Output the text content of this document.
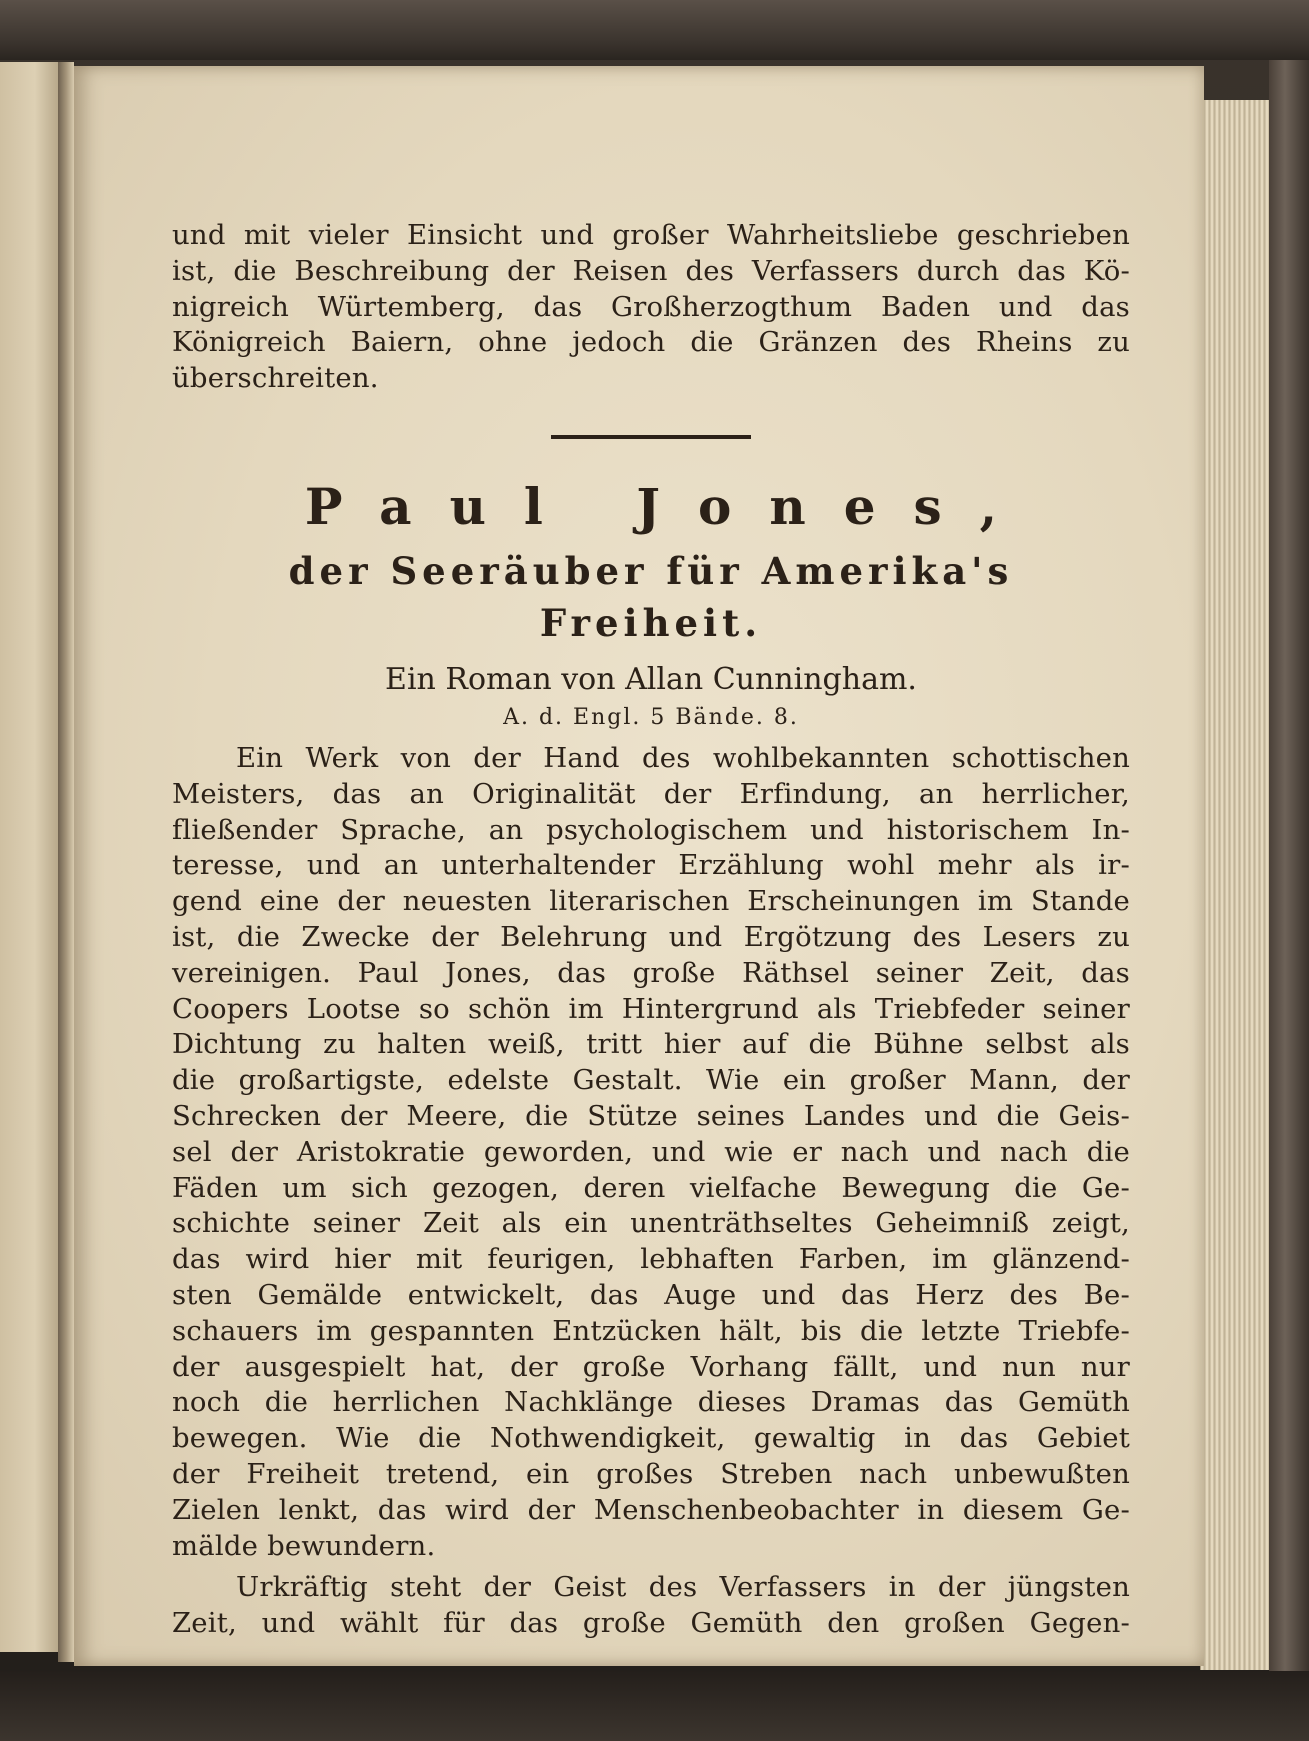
und mit vieler Einsicht und großer Wahrheitsliebe geschrieben
ist, die Beschreibung der Reisen des Verfassers durch das Kö-
nigreich Würtemberg, das Großherzogthum Baden und das
Königreich Baiern, ohne jedoch die Gränzen des Rheins zu
überschreiten.

Paul Jones,
der Seeräuber für Amerika's Freiheit.
Ein Roman von Allan Cunningham.
A. d. Engl. 5 Bände. 8.

Ein Werk von der Hand des wohlbekannten schottischen
Meisters, das an Originalität der Erfindung, an herrlicher,
fließender Sprache, an psychologischem und historischem In-
teresse, und an unterhaltender Erzählung wohl mehr als ir-
gend eine der neuesten literarischen Erscheinungen im Stande
ist, die Zwecke der Belehrung und Ergötzung des Lesers zu
vereinigen. Paul Jones, das große Räthsel seiner Zeit, das
Coopers Lootse so schön im Hintergrund als Triebfeder seiner
Dichtung zu halten weiß, tritt hier auf die Bühne selbst als
die großartigste, edelste Gestalt. Wie ein großer Mann, der
Schrecken der Meere, die Stütze seines Landes und die Geis-
sel der Aristokratie geworden, und wie er nach und nach die
Fäden um sich gezogen, deren vielfache Bewegung die Ge-
schichte seiner Zeit als ein unenträthseltes Geheimniß zeigt,
das wird hier mit feurigen, lebhaften Farben, im glänzend-
sten Gemälde entwickelt, das Auge und das Herz des Be-
schauers im gespannten Entzücken hält, bis die letzte Triebfe-
der ausgespielt hat, der große Vorhang fällt, und nun nur
noch die herrlichen Nachklänge dieses Dramas das Gemüth
bewegen. Wie die Nothwendigkeit, gewaltig in das Gebiet
der Freiheit tretend, ein großes Streben nach unbewußten
Zielen lenkt, das wird der Menschenbeobachter in diesem Ge-
mälde bewundern.

Urkräftig steht der Geist des Verfassers in der jüngsten
Zeit, und wählt für das große Gemüth den großen Gegen-
